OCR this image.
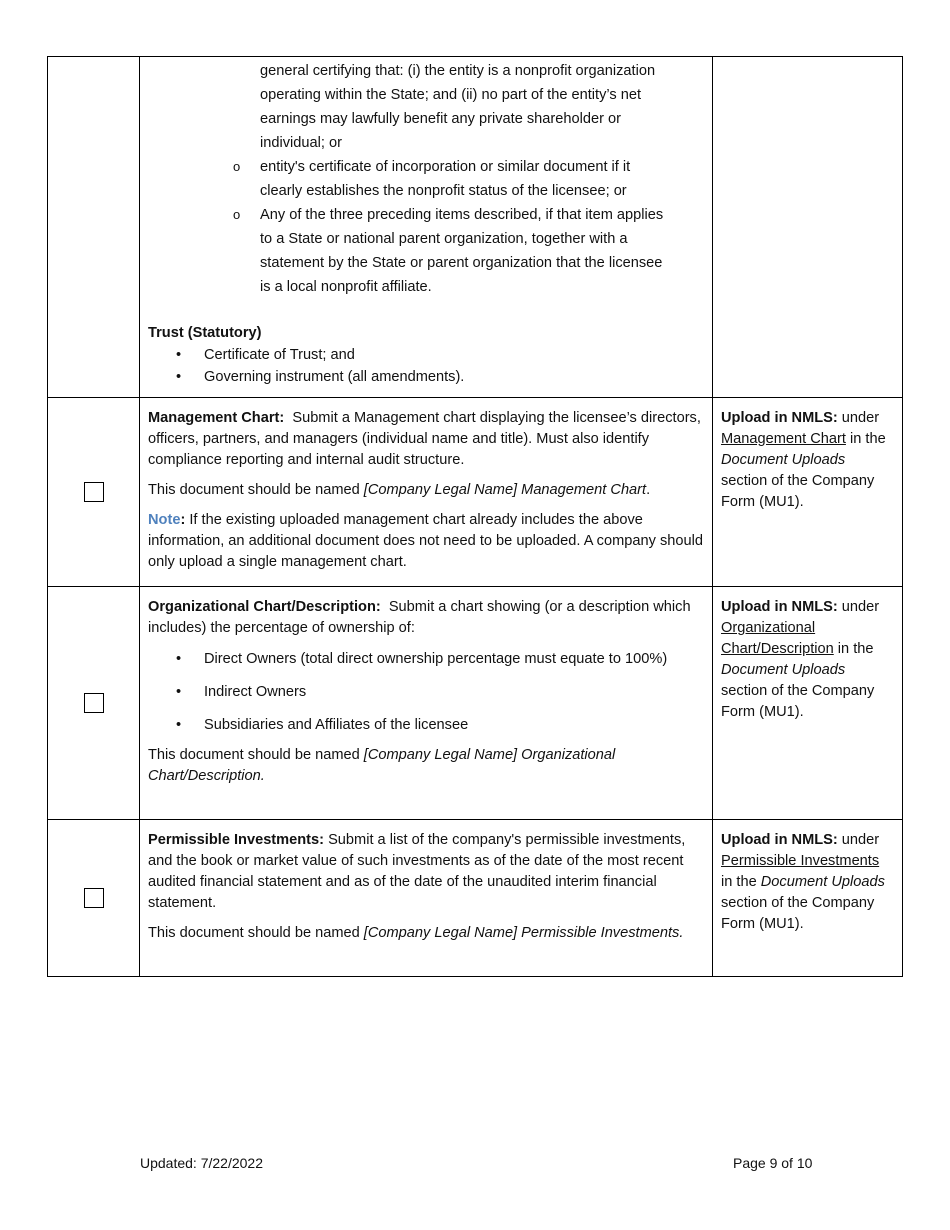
general certifying that: (i) the entity is a nonprofit organization
operating within the State; and (ii) no part of the entity’s net
earnings may lawfully benefit any private shareholder or
individual; or
o entity's certificate of incorporation or similar document if it
clearly establishes the nonprofit status of the licensee; or
o Any of the three preceding items described, if that item applies
to a State or national parent organization, together with a
statement by the State or parent organization that the licensee
is a local nonprofit affiliate.
Trust (Statutory)
• Certificate of Trust; and
• Governing instrument (all amendments).

Management Chart: Submit a Management chart displaying the licensee’s directors, officers, partners, and managers (individual name and title). Must also identify compliance reporting and internal audit structure.

This document should be named [Company Legal Name] Management Chart.

Note: If the existing uploaded management chart already includes the above information, an additional document does not need to be uploaded. A company should only upload a single management chart.

Upload in NMLS: under Management Chart in the Document Uploads section of the Company Form (MU1).

Organizational Chart/Description: Submit a chart showing (or a description which includes) the percentage of ownership of:

• Direct Owners (total direct ownership percentage must equate to 100%)
• Indirect Owners
• Subsidiaries and Affiliates of the licensee

This document should be named [Company Legal Name] Organizational Chart/Description.

Upload in NMLS: under Organizational Chart/Description in the Document Uploads section of the Company Form (MU1).

Permissible Investments: Submit a list of the company's permissible investments, and the book or market value of such investments as of the date of the most recent audited financial statement and as of the date of the unaudited interim financial statement.

This document should be named [Company Legal Name] Permissible Investments.

Upload in NMLS: under Permissible Investments in the Document Uploads section of the Company Form (MU1).

Updated: 7/22/2022	Page 9 of 10
